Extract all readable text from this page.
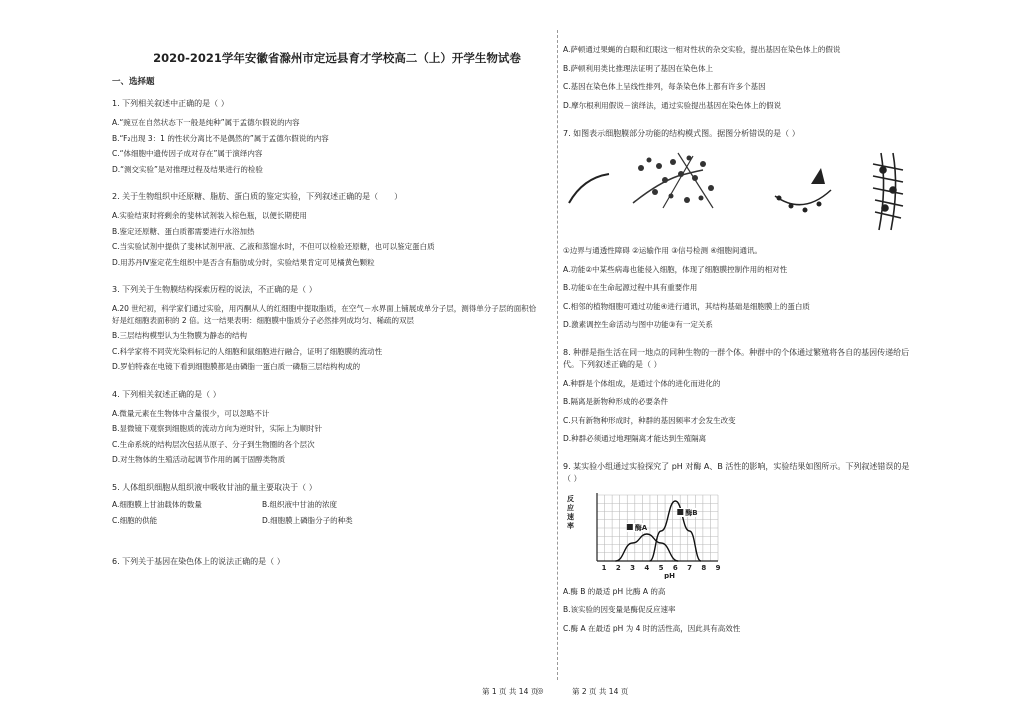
2020-2021学年安徽省滁州市定远县育才学校高二（上）开学生物试卷
一、选择题
1. 下列相关叙述中正确的是（ ）
A.“豌豆在自然状态下一般是纯种”属于孟德尔假说的内容
B.“F₂出现 3：1 的性状分离比不是偶然的”属于孟德尔假说的内容
C.“体细胞中遗传因子成对存在”属于演绎内容
D.“测交实验”是对推理过程及结果进行的检验
2. 关于生物组织中还原糖、脂肪、蛋白质的鉴定实验，下列叙述正确的是（　　）
A.实验结束时将剩余的斐林试剂装入棕色瓶，以便长期使用
B.鉴定还原糖、蛋白质都需要进行水浴加热
C.当实验试剂中提供了斐林试剂甲液、乙液和蒸馏水时，不但可以检验还原糖，也可以鉴定蛋白质
D.用苏丹Ⅳ鉴定花生组织中是否含有脂肪成分时，实验结果肯定可见橘黄色颗粒
3. 下列关于生物膜结构探索历程的说法，不正确的是（ ）
A.20 世纪初，科学家们通过实验，用丙酮从人的红细胞中提取脂质，在空气－水界面上铺展成单分子层，测得单分子层的面积恰好是红细胞表面积的 2 倍。这一结果表明：细胞膜中脂质分子必然排列成均匀、稀疏的双层
B.三层结构模型认为生物膜为静态的结构
C.科学家将不同荧光染料标记的人细胞和鼠细胞进行融合，证明了细胞膜的流动性
D.罗伯特森在电镜下看到细胞膜都是由磷脂一蛋白质一磷脂三层结构构成的
4. 下列相关叙述正确的是（ ）
A.微量元素在生物体中含量很少，可以忽略不计
B.显微镜下观察到细胞质的流动方向为逆时针，实际上为顺时针
C.生命系统的结构层次包括从原子、分子到生物圈的各个层次
D.对生物体的生殖活动起调节作用的属于固醇类物质
5. 人体组织细胞从组织液中吸收甘油的量主要取决于（ ）
A.细胞膜上甘油载体的数量	B.组织液中甘油的浓度
C.细胞的供能	D.细胞膜上磷脂分子的种类
6. 下列关于基因在染色体上的说法正确的是（ ）
A.萨顿通过果蝇的白眼和红眼这一相对性状的杂交实验，提出基因在染色体上的假说
B.萨顿利用类比推理法证明了基因在染色体上
C.基因在染色体上呈线性排列，每条染色体上都有许多个基因
D.摩尔根利用假说－演绎法，通过实验提出基因在染色体上的假说
7. 如图表示细胞膜部分功能的结构模式图。据图分析错误的是（ ）
①边界与通透性障碍 ②运输作用 ③信号检测 ④细胞间通讯。
A.功能②中某些病毒也能侵入细胞，体现了细胞膜控制作用的相对性
B.功能①在生命起源过程中具有重要作用
C.相邻的植物细胞可通过功能④进行通讯，其结构基础是细胞膜上的蛋白质
D.激素调控生命活动与图中功能③有一定关系
8. 种群是指生活在同一地点的同种生物的一群个体。种群中的个体通过繁殖将各自的基因传递给后代。下列叙述正确的是（ ）
A.种群是个体组成，是通过个体的进化而进化的
B.隔离是新物种形成的必要条件
C.只有新物种形成时，种群的基因频率才会发生改变
D.种群必须通过地理隔离才能达到生殖隔离
9. 某实验小组通过实验探究了 pH 对酶 A、B 活性的影响，实验结果如图所示。下列叙述错误的是（ ）
反应速率
1 2 3 4 5 6 7 8 9
pH
酶A
酶B
A.酶 B 的最适 pH 比酶 A 的高
B.该实验的因变量是酶促反应速率
C.酶 A 在最适 pH 为 4 时的活性高，因此具有高效性
第 1 页 共 14 页
◎	第 2 页 共 14 页
